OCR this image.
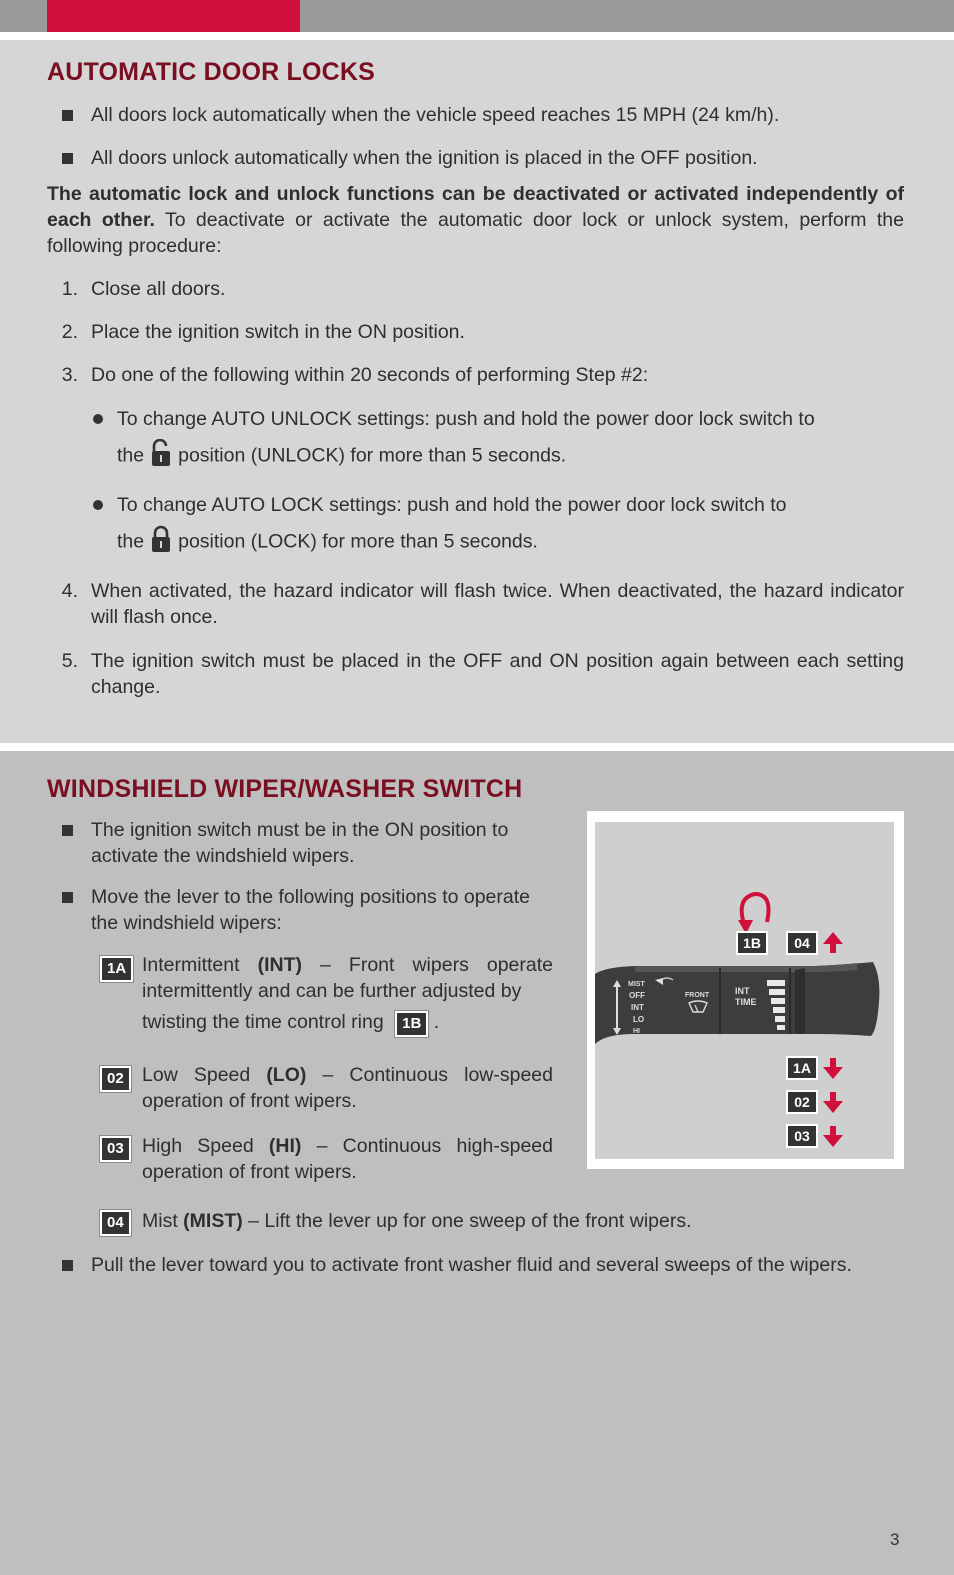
AUTOMATIC DOOR LOCKS
All doors lock automatically when the vehicle speed reaches 15 MPH (24 km/h).
All doors unlock automatically when the ignition is placed in the OFF position.
The automatic lock and unlock functions can be deactivated or activated independently of each other. To deactivate or activate the automatic door lock or unlock system, perform the following procedure:
1. Close all doors.
2. Place the ignition switch in the ON position.
3. Do one of the following within 20 seconds of performing Step #2:
To change AUTO UNLOCK settings: push and hold the power door lock switch to
the position (UNLOCK) for more than 5 seconds.
To change AUTO LOCK settings: push and hold the power door lock switch to
the position (LOCK) for more than 5 seconds.
4. When activated, the hazard indicator will flash twice. When deactivated, the hazard indicator will flash once.
5. The ignition switch must be placed in the OFF and ON position again between each setting change.
WINDSHIELD WIPER/WASHER SWITCH
The ignition switch must be in the ON position to activate the windshield wipers.
Move the lever to the following positions to operate the windshield wipers:
1A Intermittent (INT) – Front wipers operate intermittently and can be further adjusted by
twisting the time control ring 1B .
02 Low Speed (LO) – Continuous low-speed operation of front wipers.
03 High Speed (HI) – Continuous high-speed operation of front wipers.
04 Mist (MIST) – Lift the lever up for one sweep of the front wipers.
Pull the lever toward you to activate front washer fluid and several sweeps of the wipers.
MIST
OFF
INT
LO
HI
FRONT	INT
TIME
1B 04
1A
02
03
3
